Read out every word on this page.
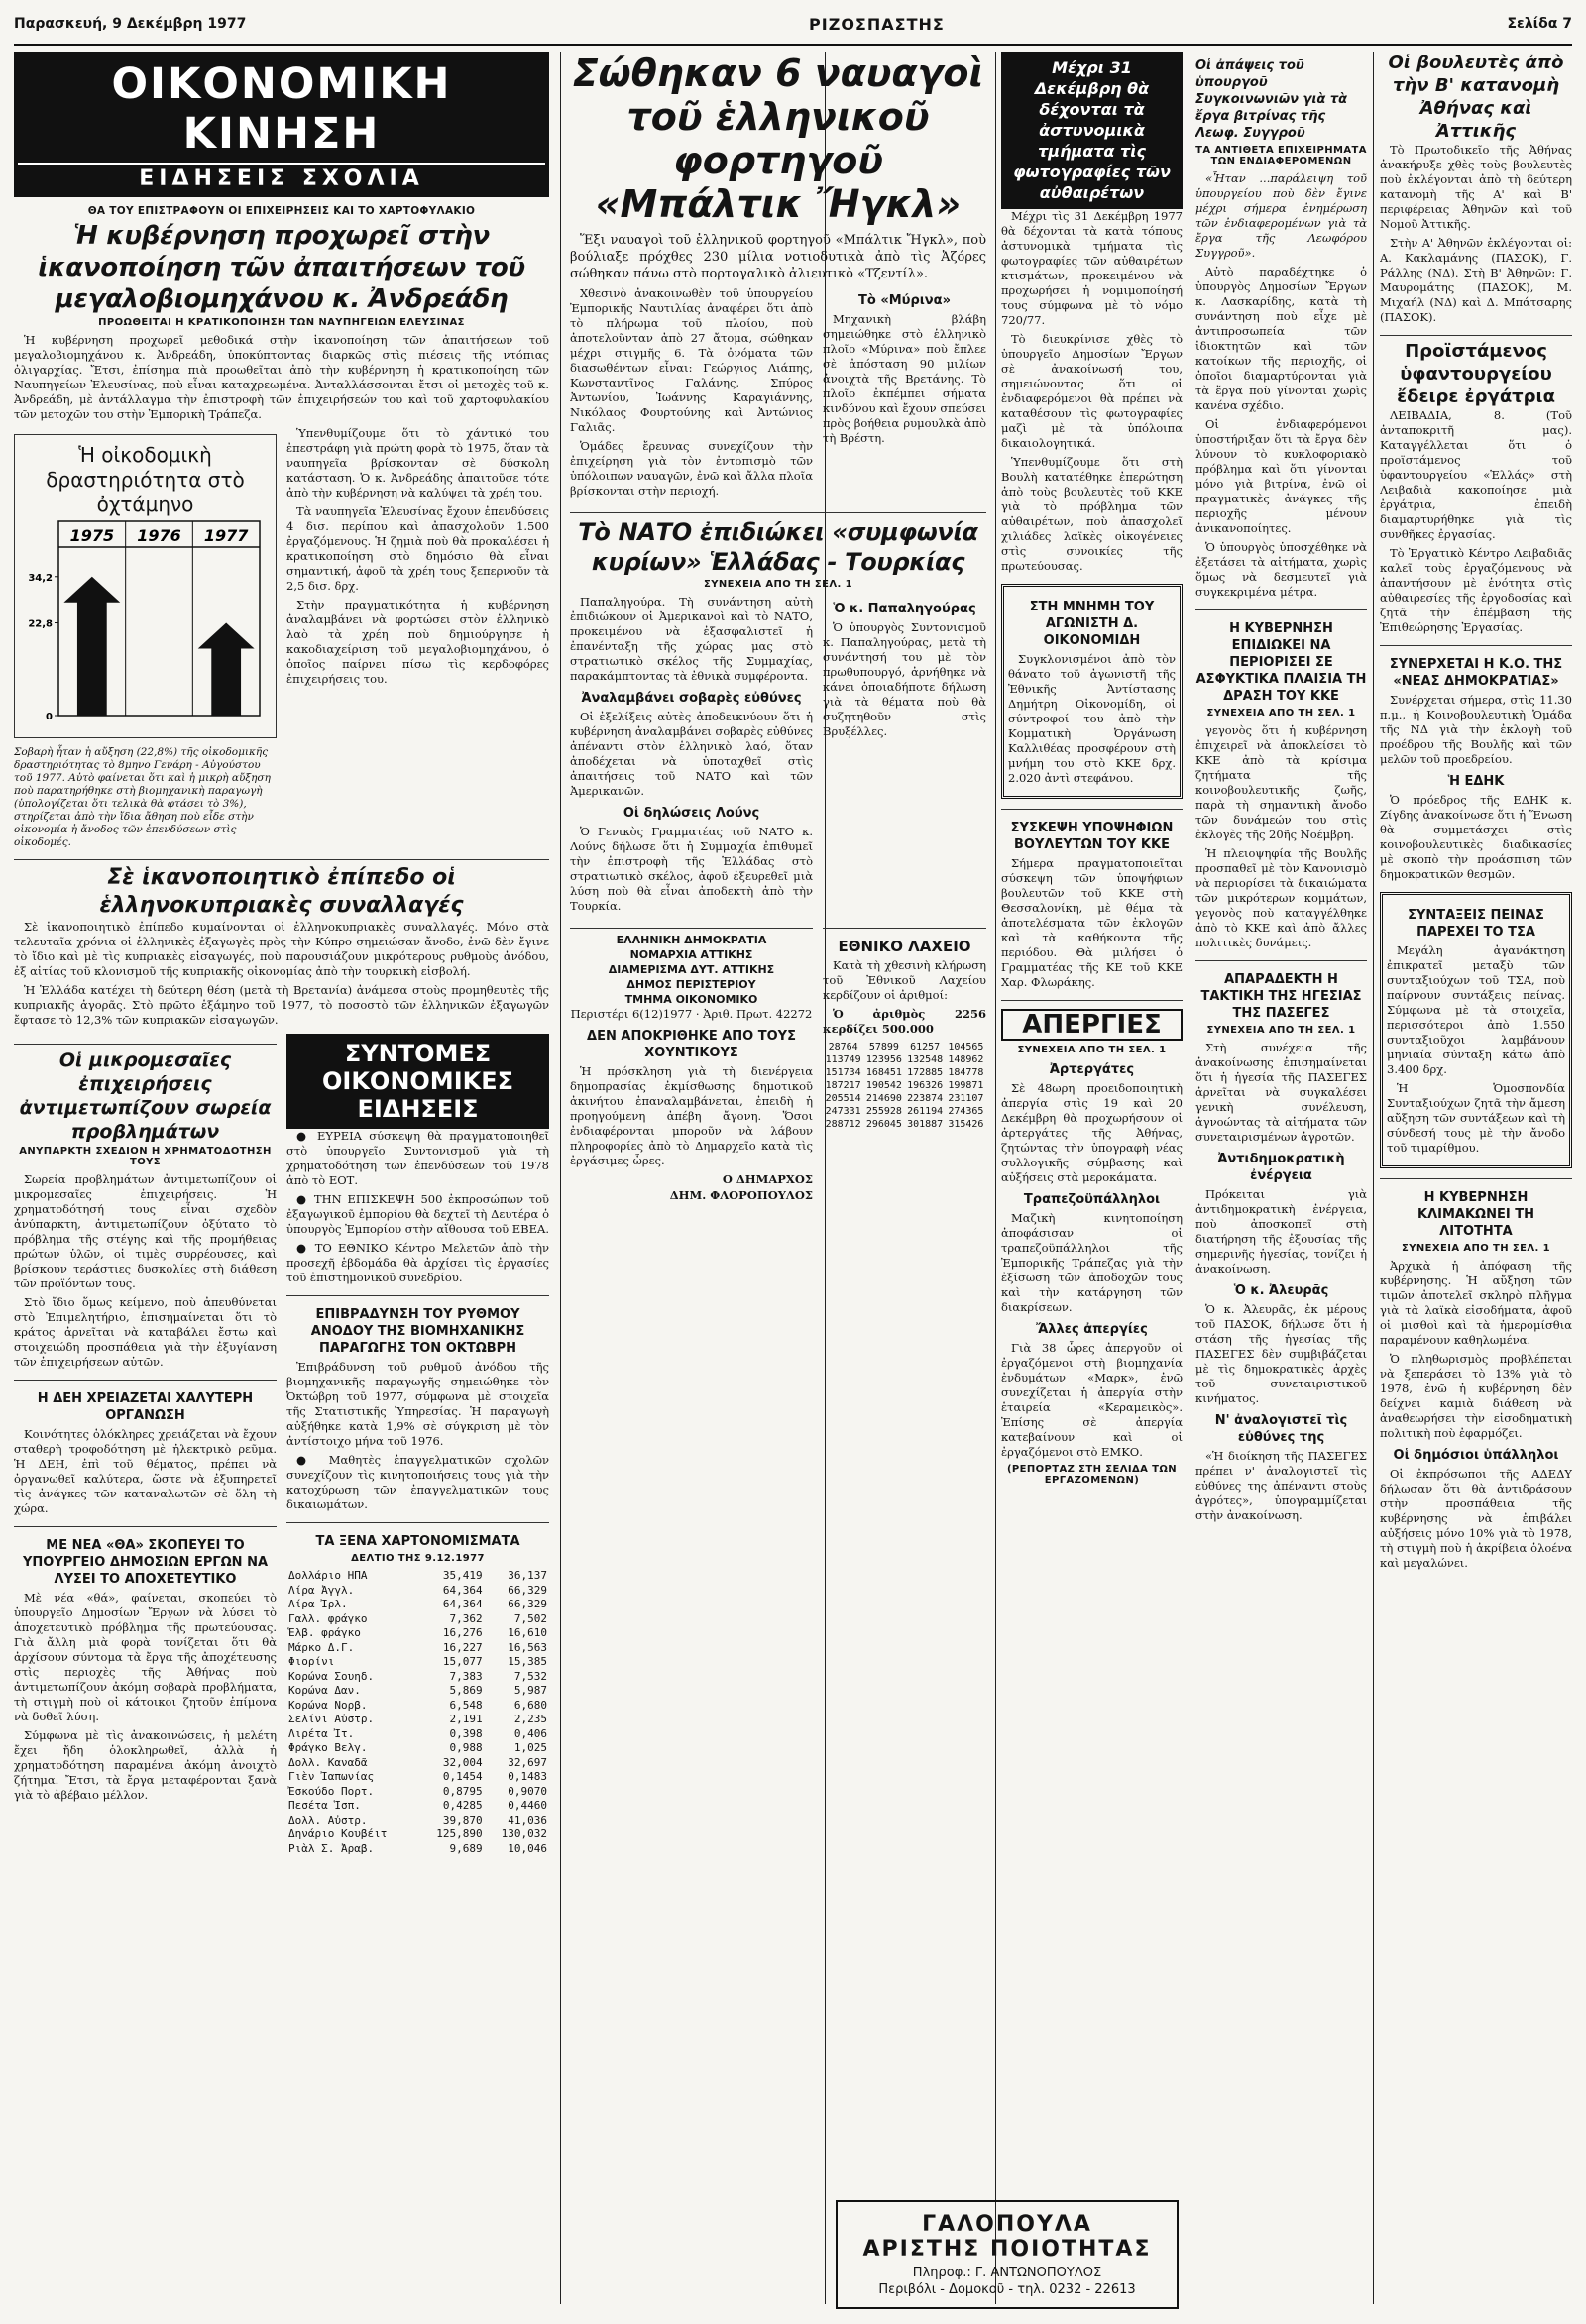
Παρασκευή, 9 Δεκέμβρη 1977	ΡΙΖΟΣΠΑΣΤΗΣ	Σελίδα 7
ΟΙΚΟΝΟΜΙΚΗ ΚΙΝΗΣΗ
ΕΙΔΗΣΕΙΣ ΣΧΟΛΙΑ
ΘΑ ΤΟΥ ΕΠΙΣΤΡΑΦΟΥΝ ΟΙ ΕΠΙΧΕΙΡΗΣΕΙΣ ΚΑΙ ΤΟ ΧΑΡΤΟΦΥΛΑΚΙΟ
Ἡ κυβέρνηση προχωρεῖ στὴν ἱκανοποίηση τῶν ἀπαιτήσεων τοῦ μεγαλοβιομηχάνου κ. Ἀνδρεάδη
ΠΡΟΩΘΕΙΤΑΙ Η ΚΡΑΤΙΚΟΠΟΙΗΣΗ ΤΩΝ ΝΑΥΠΗΓΕΙΩΝ ΕΛΕΥΣΙΝΑΣ

Ἡ κυβέρνηση προχωρεῖ μεθοδικά στὴν ἱκανοποίηση τῶν ἀπαιτήσεων τοῦ μεγαλοβιομηχάνου κ. Ἀνδρεάδη, ὑποκύπτοντας διαρκῶς στὶς πιέσεις τῆς ντόπιας ὀλιγαρχίας. Ἔτσι, ἐπίσημα πιὰ προωθεῖται ἀπὸ τὴν κυβέρνηση ἡ κρατικοποίηση τῶν Ναυπηγείων Ἐλευσίνας, ποὺ εἶναι καταχρεωμένα. Ἀνταλλάσσονται ἔτσι οἱ μετοχὲς τοῦ κ. Ἀνδρεάδη, μὲ ἀντάλλαγμα τὴν ἐπιστροφὴ τῶν ἐπιχειρήσεών του καὶ τοῦ χαρτοφυλακίου τῶν μετοχῶν του στὴν Ἐμπορικὴ Τράπεζα.

Ἡ οἰκοδομικὴ δραστηριότητα στὸ ὀχτάμηνο
1975 1976 1977
34,2
22,8
0

Σοβαρὴ ἦταν ἡ αὔξηση (22,8%) τῆς οἰκοδομικῆς δραστηριότητας τὸ 8μηνο Γενάρη - Αὐγούστου τοῦ 1977. Αὐτὸ φαίνεται ὅτι καὶ ἡ μικρὴ αὔξηση ποὺ παρατηρήθηκε στὴ βιομηχανικὴ παραγωγὴ (ὑπολογίζεται ὅτι τελικὰ θὰ φτάσει τὸ 3%), στηρίζεται ἀπὸ τὴν ἴδια ἄθηση ποὺ εἶδε στὴν οἰκονομία ἡ ἄνοδος τῶν ἐπενδύσεων στὶς οἰκοδομές.

Ὑπενθυμίζουμε ὅτι τὸ χάντικό του ἐπεστράφη γιὰ πρώτη φορὰ τὸ 1975, ὅταν τὰ ναυπηγεῖα βρίσκονταν σὲ δύσκολη κατάσταση. Ὁ κ. Ἀνδρεάδης ἀπαιτοῦσε τότε ἀπὸ τὴν κυβέρνηση νὰ καλύψει τὰ χρέη του.

Τὰ ναυπηγεῖα Ἐλευσίνας ἔχουν ἐπενδύσεις 4 δισ. περίπου καὶ ἀπασχολοῦν 1.500 ἐργαζόμενους. Ἡ ζημιὰ ποὺ θὰ προκαλέσει ἡ κρατικοποίηση στὸ δημόσιο θὰ εἶναι σημαντική, ἀφοῦ τὰ χρέη τους ξεπερνοῦν τὰ 2,5 δισ. δρχ.

Στὴν πραγματικότητα ἡ κυβέρνηση ἀναλαμβάνει νὰ φορτώσει στὸν ἑλληνικὸ λαὸ τὰ χρέη ποὺ δημιούργησε ἡ κακοδιαχείριση τοῦ μεγαλοβιομηχάνου, ὁ ὁποῖος παίρνει πίσω τὶς κερδοφόρες ἐπιχειρήσεις του.

Σὲ ἱκανοποιητικὸ ἐπίπεδο οἱ ἑλληνοκυπριακὲς συναλλαγές

Σὲ ἱκανοποιητικὸ ἐπίπεδο κυμαίνονται οἱ ἑλληνοκυπριακὲς συναλλαγές. Μόνο στὰ τελευταῖα χρόνια οἱ ἑλληνικὲς ἐξαγωγὲς πρὸς τὴν Κύπρο σημειώσαν ἄνοδο, ἐνῶ δὲν ἔγινε τὸ ἴδιο καὶ μὲ τὶς κυπριακὲς εἰσαγωγές, ποὺ παρουσιάζουν μικρότερους ρυθμοὺς ἀνόδου, ἐξ αἰτίας τοῦ κλονισμοῦ τῆς κυπριακῆς οἰκονομίας ἀπὸ τὴν τουρκικὴ εἰσβολή.

Ἡ Ἑλλάδα κατέχει τὴ δεύτερη θέση (μετὰ τὴ Βρετανία) ἀνάμεσα στοὺς προμηθευτὲς τῆς κυπριακῆς ἀγορᾶς. Στὸ πρῶτο ἑξάμηνο τοῦ 1977, τὸ ποσοστὸ τῶν ἑλληνικῶν ἐξαγωγῶν ἔφτασε τὸ 12,3% τῶν κυπριακῶν εἰσαγωγῶν.

Οἱ μικρομεσαῖες ἐπιχειρήσεις ἀντιμετωπίζουν σωρεία προβλημάτων
ΑΝΥΠΑΡΚΤΗ ΣΧΕΔΙΟΝ Η ΧΡΗΜΑΤΟΔΟΤΗΣΗ ΤΟΥΣ

Σωρεία προβλημάτων ἀντιμετωπίζουν οἱ μικρομεσαῖες ἐπιχειρήσεις. Ἡ χρηματοδότησή τους εἶναι σχεδὸν ἀνύπαρκτη, ἀντιμετωπίζουν ὀξύτατο τὸ πρόβλημα τῆς στέγης καὶ τῆς προμήθειας πρώτων ὑλῶν, οἱ τιμὲς συρρέουσες, καὶ βρίσκουν τεράστιες δυσκολίες στὴ διάθεση τῶν προϊόντων τους.

Στὸ ἴδιο ὅμως κείμενο, ποὺ ἀπευθύνεται στὸ Ἐπιμελητήριο, ἐπισημαίνεται ὅτι τὸ κράτος ἀρνεῖται νὰ καταβάλει ἔστω καὶ στοιχειώδη προσπάθεια γιὰ τὴν ἐξυγίανση τῶν ἐπιχειρήσεων αὐτῶν.

Η ΔΕΗ ΧΡΕΙΑΖΕΤΑΙ ΧΑΛΥΤΕΡΗ ΟΡΓΑΝΩΣΗ

Κοινότητες ὁλόκληρες χρειάζεται νὰ ἔχουν σταθερὴ τροφοδότηση μὲ ἠλεκτρικὸ ρεῦμα. Ἡ ΔΕΗ, ἐπὶ τοῦ θέματος, πρέπει νὰ ὀργανωθεῖ καλύτερα, ὥστε νὰ ἐξυπηρετεῖ τὶς ἀνάγκες τῶν καταναλωτῶν σὲ ὅλη τὴ χώρα.

ΜΕ ΝΕΑ «ΘΑ» ΣΚΟΠΕΥΕΙ ΤΟ ΥΠΟΥΡΓΕΙΟ ΔΗΜΟΣΙΩΝ ΕΡΓΩΝ ΝΑ ΛΥΣΕΙ ΤΟ ΑΠΟΧΕΤΕΥΤΙΚΟ

Μὲ νέα «θά», φαίνεται, σκοπεύει τὸ ὑπουργεῖο Δημοσίων Ἔργων νὰ λύσει τὸ ἀποχετευτικὸ πρόβλημα τῆς πρωτεύουσας. Γιὰ ἄλλη μιὰ φορὰ τονίζεται ὅτι θὰ ἀρχίσουν σύντομα τὰ ἔργα τῆς ἀποχέτευσης στὶς περιοχὲς τῆς Ἀθήνας ποὺ ἀντιμετωπίζουν ἀκόμη σοβαρὰ προβλήματα, τὴ στιγμὴ ποὺ οἱ κάτοικοι ζητοῦν ἐπίμονα νὰ δοθεῖ λύση.

Σύμφωνα μὲ τὶς ἀνακοινώσεις, ἡ μελέτη ἔχει ἤδη ὁλοκληρωθεῖ, ἀλλὰ ἡ χρηματοδότηση παραμένει ἀκόμη ἀνοιχτὸ ζήτημα. Ἔτσι, τὰ ἔργα μεταφέρονται ξανὰ γιὰ τὸ ἀβέβαιο μέλλον.

ΣΥΝΤΟΜΕΣ ΟΙΚΟΝΟΜΙΚΕΣ ΕΙΔΗΣΕΙΣ

● ΕΥΡΕΙΑ σύσκεψη θὰ πραγματοποιηθεῖ στὸ ὑπουργεῖο Συντονισμοῦ γιὰ τὴ χρηματοδότηση τῶν ἐπενδύσεων τοῦ 1978 ἀπὸ τὸ ΕΟΤ.

● ΤΗΝ ΕΠΙΣΚΕΨΗ 500 ἐκπροσώπων τοῦ ἐξαγωγικοῦ ἐμπορίου θὰ δεχτεῖ τὴ Δευτέρα ὁ ὑπουργὸς Ἐμπορίου στὴν αἴθουσα τοῦ ΕΒΕΑ.

● ΤΟ ΕΘΝΙΚΟ Κέντρο Μελετῶν ἀπὸ τὴν προσεχῆ ἑβδομάδα θὰ ἀρχίσει τὶς ἐργασίες τοῦ ἐπιστημονικοῦ συνεδρίου.

ΕΠΙΒΡΑΔΥΝΣΗ ΤΟΥ ΡΥΘΜΟΥ ΑΝΟΔΟΥ ΤΗΣ ΒΙΟΜΗΧΑΝΙΚΗΣ ΠΑΡΑΓΩΓΗΣ ΤΟΝ ΟΚΤΩΒΡΗ

Ἐπιβράδυνση τοῦ ρυθμοῦ ἀνόδου τῆς βιομηχανικῆς παραγωγῆς σημειώθηκε τὸν Ὀκτώβρη τοῦ 1977, σύμφωνα μὲ στοιχεῖα τῆς Στατιστικῆς Ὑπηρεσίας. Ἡ παραγωγὴ αὐξήθηκε κατὰ 1,9% σὲ σύγκριση μὲ τὸν ἀντίστοιχο μήνα τοῦ 1976.

● Μαθητὲς ἐπαγγελματικῶν σχολῶν συνεχίζουν τὶς κινητοποιήσεις τους γιὰ τὴν κατοχύρωση τῶν ἐπαγγελματικῶν τους δικαιωμάτων.

ΤΑ ΞΕΝΑ ΧΑΡΤΟΝΟΜΙΣΜΑΤΑ
ΔΕΛΤΙΟ ΤΗΣ 9.12.1977
Δολλάριο ΗΠΑ	35,419	36,137
Λίρα Ἀγγλ.	64,364	66,329
Λίρα Ἰρλ.	64,364	66,329
Γαλλ. φράγκο	7,362	7,502
Ἑλβ. φράγκο	16,276	16,610
Μάρκο Δ.Γ.	16,227	16,563
Φιορίνι	15,077	15,385
Κορώνα Σουηδ.	7,383	7,532
Κορώνα Δαν.	5,869	5,987
Κορώνα Νορβ.	6,548	6,680
Σελίνι Αὐστρ.	2,191	2,235
Λιρέτα Ἰτ.	0,398	0,406
Φράγκο Βελγ.	0,988	1,025
Δολλ. Καναδᾶ	32,004	32,697
Γιὲν Ἰαπωνίας	0,1454	0,1483
Ἐσκούδο Πορτ.	0,8795	0,9070
Πεσέτα Ἱσπ.	0,4285	0,4460
Δολλ. Αὐστρ.	39,870	41,036
Δηνάριο Κουβέιτ	125,890	130,032
Ριὰλ Σ. Ἀραβ.	9,689	10,046
Σώθηκαν 6 ναυαγοὶ τοῦ ἑλληνικοῦ φορτηγοῦ «Μπάλτικ Ἤγκλ»

Ἕξι ναυαγοὶ τοῦ ἑλληνικοῦ φορτηγοῦ «Μπάλτικ Ἤγκλ», ποὺ βούλιαξε πρόχθες 230 μίλια νοτιοδυτικὰ ἀπὸ τὶς Ἀζόρες σώθηκαν πάνω στὸ πορτογαλικὸ ἀλιευτικὸ «Τζεντίλ».

Χθεσινὸ ἀνακοινωθὲν τοῦ ὑπουργείου Ἐμπορικῆς Ναυτιλίας ἀναφέρει ὅτι ἀπὸ τὸ πλήρωμα τοῦ πλοίου, ποὺ ἀποτελοῦνταν ἀπὸ 27 ἄτομα, σώθηκαν μέχρι στιγμῆς 6. Τὰ ὀνόματα τῶν διασωθέντων εἶναι: Γεώργιος Λιάπης, Κωνσταντῖνος Γαλάνης, Σπύρος Ἀντωνίου, Ἰωάννης Καραγιάννης, Νικόλαος Φουρτούνης καὶ Ἀντώνιος Γαλιᾶς.

Ὁμάδες ἔρευνας συνεχίζουν τὴν ἐπιχείρηση γιὰ τὸν ἐντοπισμὸ τῶν ὑπόλοιπων ναυαγῶν, ἐνῶ καὶ ἄλλα πλοῖα βρίσκονται στὴν περιοχή.

Τὸ «Μύρινα»

Μηχανικὴ βλάβη σημειώθηκε στὸ ἑλληνικὸ πλοῖο «Μύρινα» ποὺ ἔπλεε σὲ ἀπόσταση 90 μιλίων ἀνοιχτὰ τῆς Βρετάνης. Τὸ πλοῖο ἐκπέμπει σήματα κινδύνου καὶ ἔχουν σπεύσει πρὸς βοήθεια ρυμουλκὰ ἀπὸ τὴ Βρέστη.

Τὸ ΝΑΤΟ ἐπιδιώκει «συμφωνία κυρίων» Ἑλλάδας - Τουρκίας
ΣΥΝΕΧΕΙΑ ΑΠΟ ΤΗ ΣΕΛ. 1

Παπαληγούρα. Τὴ συνάντηση αὐτὴ ἐπιδιώκουν οἱ Ἀμερικανοὶ καὶ τὸ ΝΑΤΟ, προκειμένου νὰ ἐξασφαλιστεῖ ἡ ἐπανένταξη τῆς χώρας μας στὸ στρατιωτικὸ σκέλος τῆς Συμμαχίας, παρακάμπτοντας τὰ ἐθνικὰ συμφέροντα.

Ἀναλαμβάνει σοβαρὲς εὐθύνες

Οἱ ἐξελίξεις αὐτὲς ἀποδεικνύουν ὅτι ἡ κυβέρνηση ἀναλαμβάνει σοβαρὲς εὐθύνες ἀπέναντι στὸν ἑλληνικὸ λαό, ὅταν ἀποδέχεται νὰ ὑποταχθεῖ στὶς ἀπαιτήσεις τοῦ ΝΑΤΟ καὶ τῶν Ἀμερικανῶν.

Οἱ δηλώσεις Λούνς

Ὁ Γενικὸς Γραμματέας τοῦ ΝΑΤΟ κ. Λούνς δήλωσε ὅτι ἡ Συμμαχία ἐπιθυμεῖ τὴν ἐπιστροφὴ τῆς Ἑλλάδας στὸ στρατιωτικὸ σκέλος, ἀφοῦ ἐξευρεθεῖ μιὰ λύση ποὺ θὰ εἶναι ἀποδεκτὴ ἀπὸ τὴν Τουρκία.

Ὁ κ. Παπαληγούρας

Ὁ ὑπουργὸς Συντονισμοῦ κ. Παπαληγούρας, μετὰ τὴ συνάντησή του μὲ τὸν πρωθυπουργό, ἀρνήθηκε νὰ κάνει ὁποιαδήποτε δήλωση γιὰ τὰ θέματα ποὺ θὰ συζητηθοῦν στὶς Βρυξέλλες.

ΕΛΛΗΝΙΚΗ ΔΗΜΟΚΡΑΤΙΑ
ΝΟΜΑΡΧΙΑ ΑΤΤΙΚΗΣ
ΔΙΑΜΕΡΙΣΜΑ ΔΥΤ. ΑΤΤΙΚΗΣ
ΔΗΜΟΣ ΠΕΡΙΣΤΕΡΙΟΥ
ΤΜΗΜΑ ΟΙΚΟΝΟΜΙΚΟ

Περιστέρι 6(12)1977 · Ἀριθ. Πρωτ. 42272

ΔΕΝ ΑΠΟΚΡΙΘΗΚΕ ΑΠΟ ΤΟΥΣ ΧΟΥΝΤΙΚΟΥΣ

Ἡ πρόσκληση γιὰ τὴ διενέργεια δημοπρασίας ἐκμίσθωσης δημοτικοῦ ἀκινήτου ἐπαναλαμβάνεται, ἐπειδὴ ἡ προηγούμενη ἀπέβη ἄγονη. Ὅσοι ἐνδιαφέρονται μποροῦν νὰ λάβουν πληροφορίες ἀπὸ τὸ Δημαρχεῖο κατὰ τὶς ἐργάσιμες ὧρες.

Ο ΔΗΜΑΡΧΟΣ
ΔΗΜ. ΦΛΟΡΟΠΟΥΛΟΣ
ΕΘΝΙΚΟ ΛΑΧΕΙΟ

Κατὰ τὴ χθεσινὴ κλήρωση τοῦ Ἐθνικοῦ Λαχείου κερδίζουν οἱ ἀριθμοί:

Ὁ ἀριθμὸς 2256 κερδίζει 500.000

28764	57899	61257	104565
113749	123956	132548	148962
151734	168451	172885	184778
187217	190542	196326	199871
205514	214690	223874	231107
247331	255928	261194	274365
288712	296045	301887	315426
Μέχρι 31 Δεκέμβρη θὰ δέχονται τὰ ἀστυνομικὰ τμήματα τὶς φωτογραφίες τῶν αὐθαιρέτων

Μέχρι τὶς 31 Δεκέμβρη 1977 θὰ δέχονται τὰ κατὰ τόπους ἀστυνομικὰ τμήματα τὶς φωτογραφίες τῶν αὐθαιρέτων κτισμάτων, προκειμένου νὰ προχωρήσει ἡ νομιμοποίησή τους σύμφωνα μὲ τὸ νόμο 720/77.

Τὸ διευκρίνισε χθὲς τὸ ὑπουργεῖο Δημοσίων Ἔργων σὲ ἀνακοίνωσή του, σημειώνοντας ὅτι οἱ ἐνδιαφερόμενοι θὰ πρέπει νὰ καταθέσουν τὶς φωτογραφίες μαζὶ μὲ τὰ ὑπόλοιπα δικαιολογητικά.

Ὑπενθυμίζουμε ὅτι στὴ Βουλὴ κατατέθηκε ἐπερώτηση ἀπὸ τοὺς βουλευτὲς τοῦ ΚΚΕ γιὰ τὸ πρόβλημα τῶν αὐθαιρέτων, ποὺ ἀπασχολεῖ χιλιάδες λαϊκὲς οἰκογένειες στὶς συνοικίες τῆς πρωτεύουσας.

ΣΤΗ ΜΝΗΜΗ ΤΟΥ ΑΓΩΝΙΣΤΗ Δ. ΟΙΚΟΝΟΜΙΔΗ

Συγκλονισμένοι ἀπὸ τὸν θάνατο τοῦ ἀγωνιστῆ τῆς Ἐθνικῆς Ἀντίστασης Δημήτρη Οἰκονομίδη, οἱ σύντροφοί του ἀπὸ τὴν Κομματικὴ Ὀργάνωση Καλλιθέας προσφέρουν στὴ μνήμη του στὸ ΚΚΕ δρχ. 2.020 ἀντὶ στεφάνου.

ΣΥΣΚΕΨΗ ΥΠΟΨΗΦΙΩΝ ΒΟΥΛΕΥΤΩΝ ΤΟΥ ΚΚΕ

Σήμερα πραγματοποιεῖται σύσκεψη τῶν ὑποψήφιων βουλευτῶν τοῦ ΚΚΕ στὴ Θεσσαλονίκη, μὲ θέμα τὰ ἀποτελέσματα τῶν ἐκλογῶν καὶ τὰ καθήκοντα τῆς περιόδου. Θὰ μιλήσει ὁ Γραμματέας τῆς ΚΕ τοῦ ΚΚΕ Χαρ. Φλωράκης.

ΑΠΕΡΓΙΕΣ
ΣΥΝΕΧΕΙΑ ΑΠΟ ΤΗ ΣΕΛ. 1
Ἀρτεργάτες

Σὲ 48ωρη προειδοποιητικὴ ἀπεργία στὶς 19 καὶ 20 Δεκέμβρη θὰ προχωρήσουν οἱ ἀρτεργάτες τῆς Ἀθήνας, ζητώντας τὴν ὑπογραφὴ νέας συλλογικῆς σύμβασης καὶ αὐξήσεις στὰ μεροκάματα.

Τραπεζοϋπάλληλοι

Μαζικὴ κινητοποίηση ἀποφάσισαν οἱ τραπεζοϋπάλληλοι τῆς Ἐμπορικῆς Τράπεζας γιὰ τὴν ἐξίσωση τῶν ἀποδοχῶν τους καὶ τὴν κατάργηση τῶν διακρίσεων.

Ἄλλες ἀπεργίες

Γιὰ 38 ὧρες ἀπεργοῦν οἱ ἐργαζόμενοι στὴ βιομηχανία ἐνδυμάτων «Μαρκ», ἐνῶ συνεχίζεται ἡ ἀπεργία στὴν ἑταιρεία «Κεραμεικὸς». Ἐπίσης σὲ ἀπεργία κατεβαίνουν καὶ οἱ ἐργαζόμενοι στὸ ΕΜΚΟ.

(ΡΕΠΟΡΤΑΖ ΣΤΗ ΣΕΛΙΔΑ ΤΩΝ ΕΡΓΑΖΟΜΕΝΩΝ)
Οἱ ἀπάψεις τοῦ ὑπουργοῦ Συγκοινωνιῶν γιὰ τὰ ἔργα βιτρίνας τῆς Λεωφ. Συγγροῦ
ΤΑ ΑΝΤΙΘΕΤΑ ΕΠΙΧΕΙΡΗΜΑΤΑ ΤΩΝ ΕΝΔΙΑΦΕΡΟΜΕΝΩΝ

«Ἦταν ...παράλειψη τοῦ ὑπουργείου ποὺ δὲν ἔγινε μέχρι σήμερα ἐνημέρωση τῶν ἐνδιαφερομένων γιὰ τὰ ἔργα τῆς Λεωφόρου Συγγροῦ».

Αὐτὸ παραδέχτηκε ὁ ὑπουργὸς Δημοσίων Ἔργων κ. Λασκαρίδης, κατὰ τὴ συνάντηση ποὺ εἶχε μὲ ἀντιπροσωπεία τῶν ἰδιοκτητῶν καὶ τῶν κατοίκων τῆς περιοχῆς, οἱ ὁποῖοι διαμαρτύρονται γιὰ τὰ ἔργα ποὺ γίνονται χωρὶς κανένα σχέδιο.

Οἱ ἐνδιαφερόμενοι ὑποστήριξαν ὅτι τὰ ἔργα δὲν λύνουν τὸ κυκλοφοριακὸ πρόβλημα καὶ ὅτι γίνονται μόνο γιὰ βιτρίνα, ἐνῶ οἱ πραγματικὲς ἀνάγκες τῆς περιοχῆς μένουν ἀνικανοποίητες.

Ὁ ὑπουργὸς ὑποσχέθηκε νὰ ἐξετάσει τὰ αἰτήματα, χωρὶς ὅμως νὰ δεσμευτεῖ γιὰ συγκεκριμένα μέτρα.

Η ΚΥΒΕΡΝΗΣΗ ΕΠΙΔΙΩΚΕΙ ΝΑ ΠΕΡΙΟΡΙΣΕΙ ΣΕ ΑΣΦΥΚΤΙΚΑ ΠΛΑΙΣΙΑ ΤΗ ΔΡΑΣΗ ΤΟΥ ΚΚΕ
ΣΥΝΕΧΕΙΑ ΑΠΟ ΤΗ ΣΕΛ. 1

γεγονὸς ὅτι ἡ κυβέρνηση ἐπιχειρεῖ νὰ ἀποκλείσει τὸ ΚΚΕ ἀπὸ τὰ κρίσιμα ζητήματα τῆς κοινοβουλευτικῆς ζωῆς, παρὰ τὴ σημαντικὴ ἄνοδο τῶν δυνάμεών του στὶς ἐκλογὲς τῆς 20ῆς Νοέμβρη.

Ἡ πλειοψηφία τῆς Βουλῆς προσπαθεῖ μὲ τὸν Κανονισμὸ νὰ περιορίσει τὰ δικαιώματα τῶν μικρότερων κομμάτων, γεγονὸς ποὺ καταγγέλθηκε ἀπὸ τὸ ΚΚΕ καὶ ἀπὸ ἄλλες πολιτικὲς δυνάμεις.

ΑΠΑΡΑΔΕΚΤΗ Η ΤΑΚΤΙΚΗ ΤΗΣ ΗΓΕΣΙΑΣ ΤΗΣ ΠΑΣΕΓΕΣ
ΣΥΝΕΧΕΙΑ ΑΠΟ ΤΗ ΣΕΛ. 1

Στὴ συνέχεια τῆς ἀνακοίνωσης ἐπισημαίνεται ὅτι ἡ ἡγεσία τῆς ΠΑΣΕΓΕΣ ἀρνεῖται νὰ συγκαλέσει γενικὴ συνέλευση, ἀγνοώντας τὰ αἰτήματα τῶν συνεταιρισμένων ἀγροτῶν.

Ἀντιδημοκρατικὴ ἐνέργεια

Πρόκειται γιὰ ἀντιδημοκρατικὴ ἐνέργεια, ποὺ ἀποσκοπεῖ στὴ διατήρηση τῆς ἐξουσίας τῆς σημερινῆς ἡγεσίας, τονίζει ἡ ἀνακοίνωση.

Ὁ κ. Ἀλευρᾶς

Ὁ κ. Ἀλευρᾶς, ἐκ μέρους τοῦ ΠΑΣΟΚ, δήλωσε ὅτι ἡ στάση τῆς ἡγεσίας τῆς ΠΑΣΕΓΕΣ δὲν συμβιβάζεται μὲ τὶς δημοκρατικὲς ἀρχὲς τοῦ συνεταιριστικοῦ κινήματος.

Ν' ἀναλογιστεῖ τὶς εὐθύνες της

«Ἡ διοίκηση τῆς ΠΑΣΕΓΕΣ πρέπει ν' ἀναλογιστεῖ τὶς εὐθύνες της ἀπέναντι στοὺς ἀγρότες», ὑπογραμμίζεται στὴν ἀνακοίνωση.

Οἱ βουλευτὲς ἀπὸ τὴν Β' κατανομὴ Ἀθήνας καὶ Ἀττικῆς

Τὸ Πρωτοδικεῖο τῆς Ἀθήνας ἀνακήρυξε χθὲς τοὺς βουλευτὲς ποὺ ἐκλέγονται ἀπὸ τὴ δεύτερη κατανομὴ τῆς Α' καὶ Β' περιφέρειας Ἀθηνῶν καὶ τοῦ Νομοῦ Ἀττικῆς.

Στὴν Α' Ἀθηνῶν ἐκλέγονται οἱ: Α. Κακλαμάνης (ΠΑΣΟΚ), Γ. Ράλλης (ΝΔ). Στὴ Β' Ἀθηνῶν: Γ. Μαυρομάτης (ΠΑΣΟΚ), Μ. Μιχαήλ (ΝΔ) καὶ Δ. Μπάτσαρης (ΠΑΣΟΚ).

Προϊστάμενος ὑφαντουργείου ἔδειρε ἐργάτρια

ΛΕΙΒΑΔΙΑ, 8. (Τοῦ ἀνταποκριτῆ μας). Καταγγέλλεται ὅτι ὁ προϊστάμενος τοῦ ὑφαντουργείου «Ἑλλάς» στὴ Λειβαδιὰ κακοποίησε μιὰ ἐργάτρια, ἐπειδὴ διαμαρτυρήθηκε γιὰ τὶς συνθῆκες ἐργασίας.

Τὸ Ἐργατικὸ Κέντρο Λειβαδιᾶς καλεῖ τοὺς ἐργαζόμενους νὰ ἀπαντήσουν μὲ ἑνότητα στὶς αὐθαιρεσίες τῆς ἐργοδοσίας καὶ ζητᾶ τὴν ἐπέμβαση τῆς Ἐπιθεώρησης Ἐργασίας.

ΣΥΝΕΡΧΕΤΑΙ Η Κ.Ο. ΤΗΣ «ΝΕΑΣ ΔΗΜΟΚΡΑΤΙΑΣ»

Συνέρχεται σήμερα, στὶς 11.30 π.μ., ἡ Κοινοβουλευτικὴ Ὁμάδα τῆς ΝΔ γιὰ τὴν ἐκλογὴ τοῦ προέδρου τῆς Βουλῆς καὶ τῶν μελῶν τοῦ προεδρείου.

Ἡ ΕΔΗΚ

Ὁ πρόεδρος τῆς ΕΔΗΚ κ. Ζίγδης ἀνακοίνωσε ὅτι ἡ Ἕνωση θὰ συμμετάσχει στὶς κοινοβουλευτικὲς διαδικασίες μὲ σκοπὸ τὴν προάσπιση τῶν δημοκρατικῶν θεσμῶν.

ΣΥΝΤΑΞΕΙΣ ΠΕΙΝΑΣ ΠΑΡΕΧΕΙ ΤΟ ΤΣΑ

Μεγάλη ἀγανάκτηση ἐπικρατεῖ μεταξὺ τῶν συνταξιούχων τοῦ ΤΣΑ, ποὺ παίρνουν συντάξεις πείνας. Σύμφωνα μὲ τὰ στοιχεῖα, περισσότεροι ἀπὸ 1.550 συνταξιοῦχοι λαμβάνουν μηνιαία σύνταξη κάτω ἀπὸ 3.400 δρχ.

Ἡ Ὁμοσπονδία Συνταξιούχων ζητᾶ τὴν ἄμεση αὔξηση τῶν συντάξεων καὶ τὴ σύνδεσή τους μὲ τὴν ἄνοδο τοῦ τιμαρίθμου.

Η ΚΥΒΕΡΝΗΣΗ ΚΛΙΜΑΚΩΝΕΙ ΤΗ ΛΙΤΟΤΗΤΑ
ΣΥΝΕΧΕΙΑ ΑΠΟ ΤΗ ΣΕΛ. 1

Ἀρχικὰ ἡ ἀπόφαση τῆς κυβέρνησης. Ἡ αὔξηση τῶν τιμῶν ἀποτελεῖ σκληρὸ πλῆγμα γιὰ τὰ λαϊκὰ εἰσοδήματα, ἀφοῦ οἱ μισθοὶ καὶ τὰ ἡμερομίσθια παραμένουν καθηλωμένα.

Ὁ πληθωρισμὸς προβλέπεται νὰ ξεπεράσει τὸ 13% γιὰ τὸ 1978, ἐνῶ ἡ κυβέρνηση δὲν δείχνει καμιὰ διάθεση νὰ ἀναθεωρήσει τὴν εἰσοδηματικὴ πολιτικὴ ποὺ ἐφαρμόζει.

Οἱ δημόσιοι ὑπάλληλοι

Οἱ ἐκπρόσωποι τῆς ΑΔΕΔΥ δήλωσαν ὅτι θὰ ἀντιδράσουν στὴν προσπάθεια τῆς κυβέρνησης νὰ ἐπιβάλει αὐξήσεις μόνο 10% γιὰ τὸ 1978, τὴ στιγμὴ ποὺ ἡ ἀκρίβεια ὁλοένα καὶ μεγαλώνει.

ΓΑΛΟΠΟΥΛΑ
ΑΡΙΣΤΗΣ ΠΟΙΟΤΗΤΑΣ
Πληροφ.: Γ. ΑΝΤΩΝΟΠΟΥΛΟΣ
Περιβόλι - Δομοκοῦ - τηλ. 0232 - 22613
